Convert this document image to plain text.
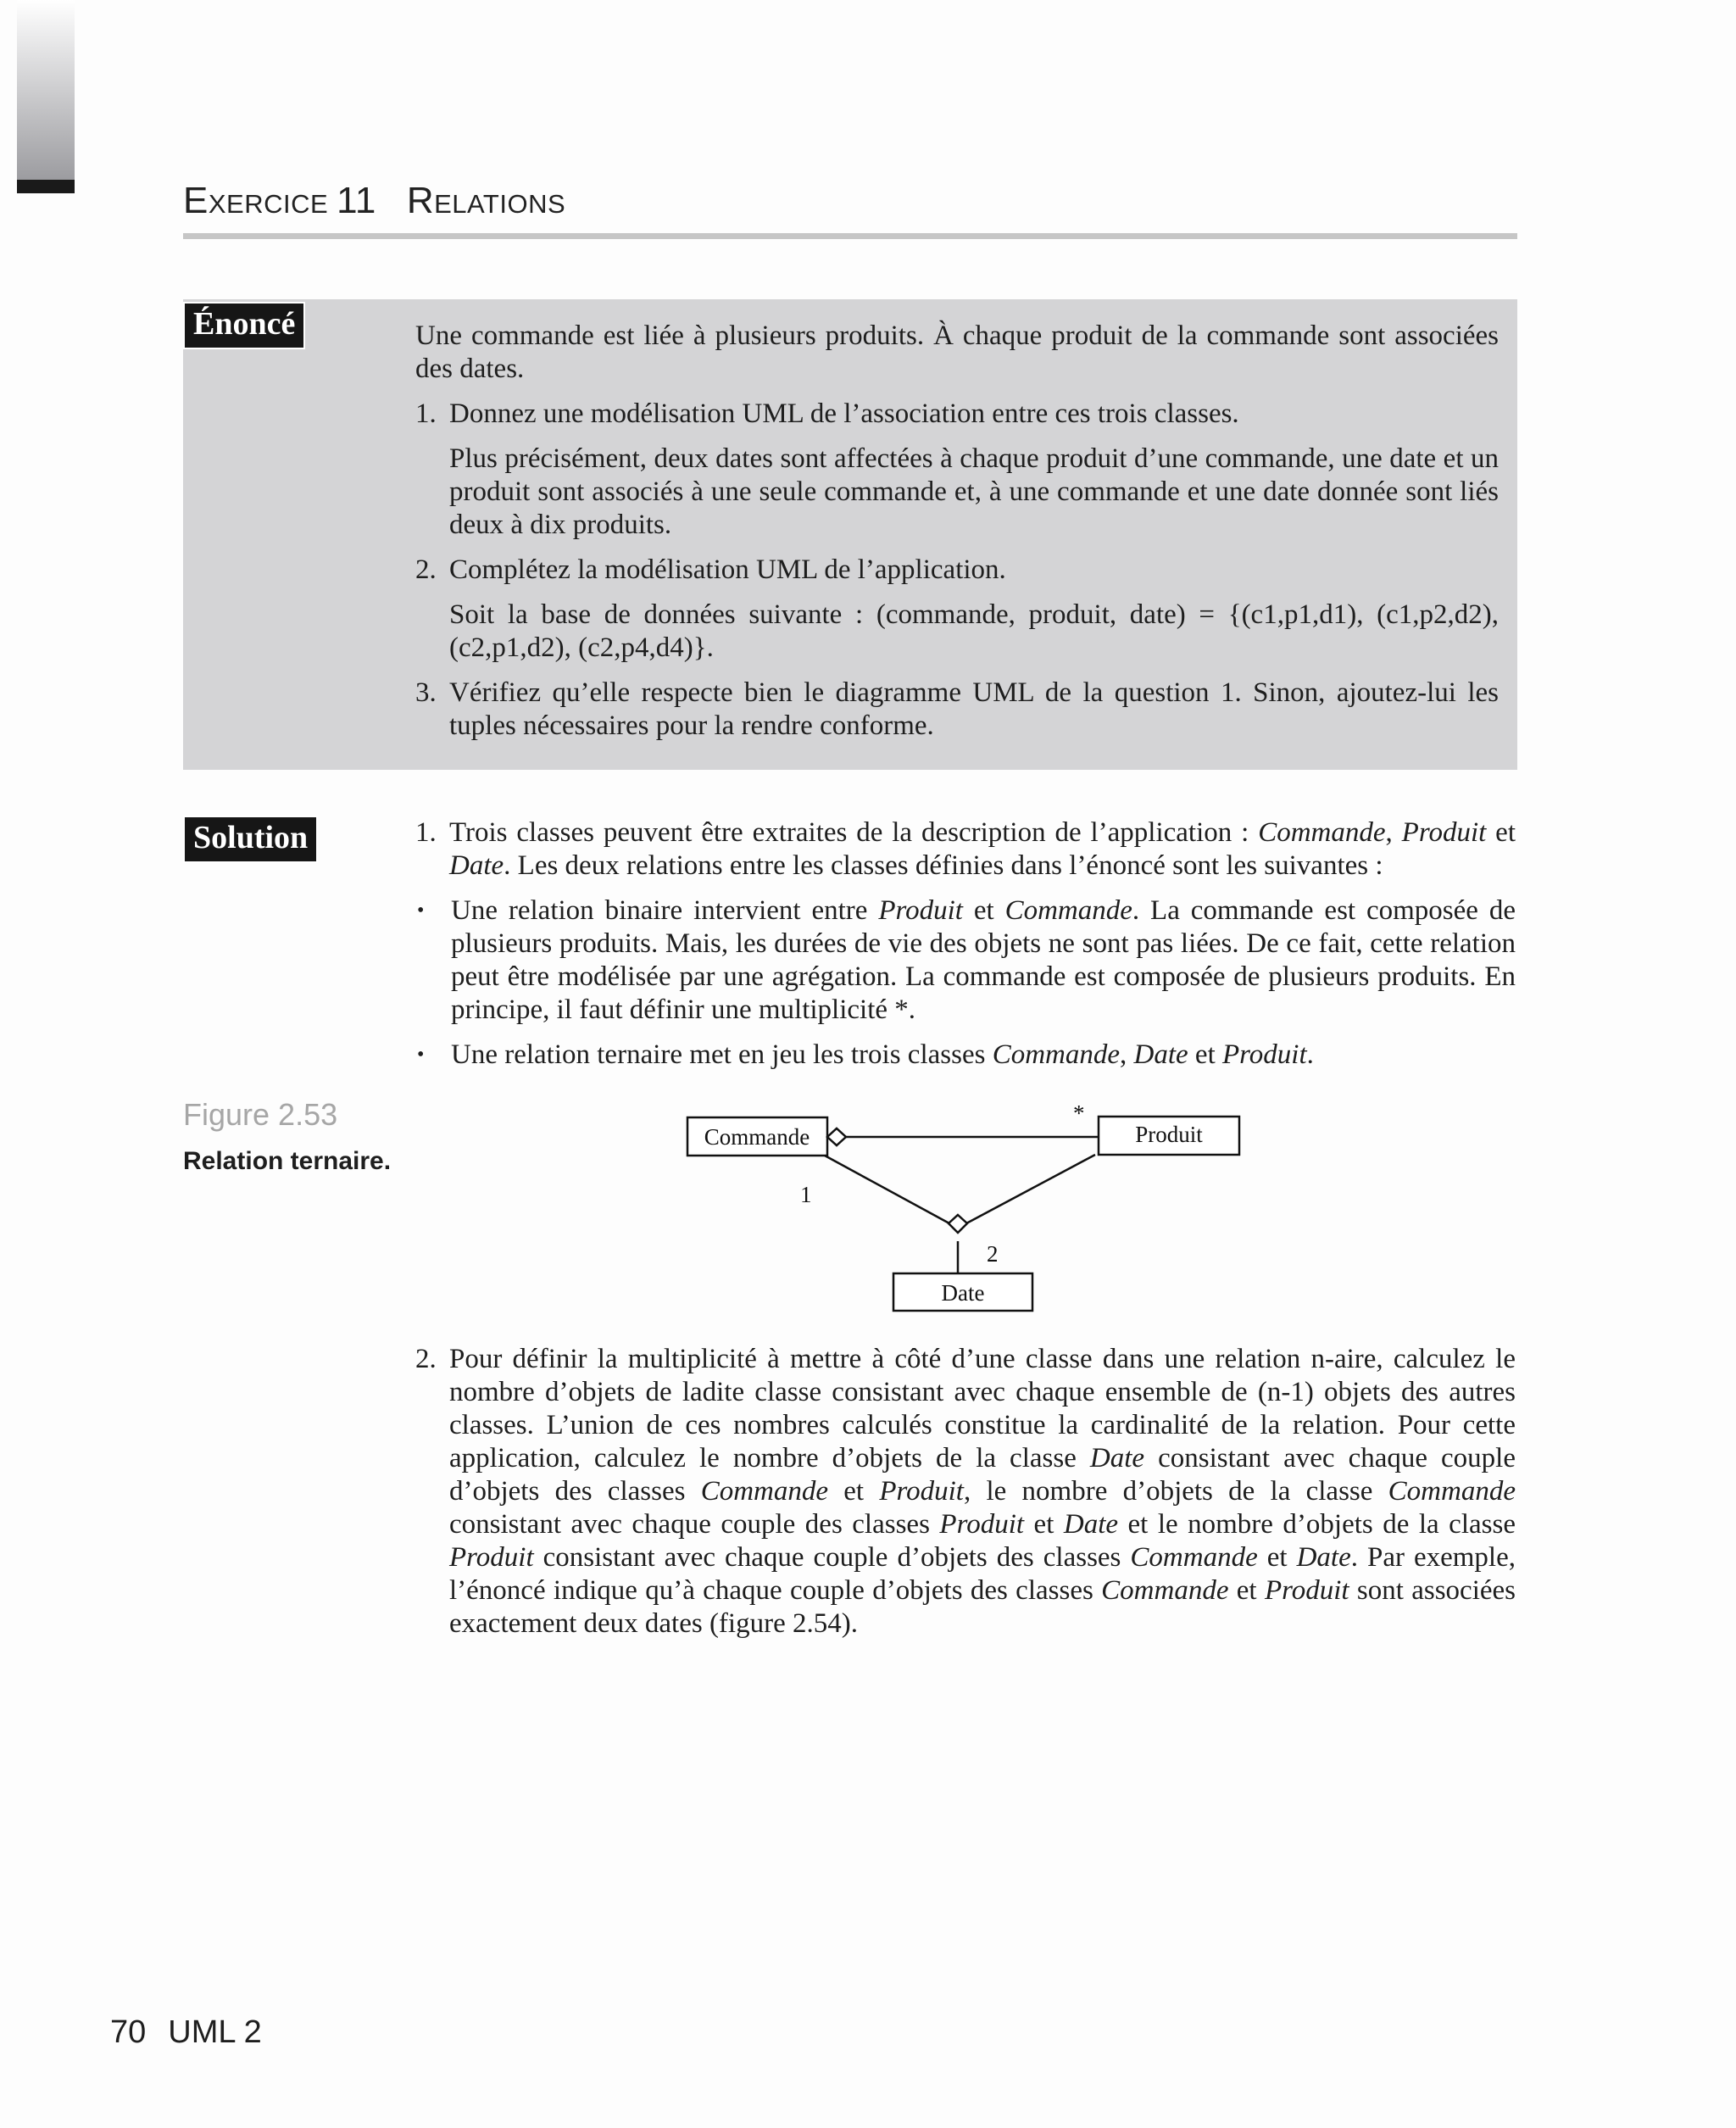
Exercice 11 Relations
Énoncé	Une commande est liée à plusieurs produits. À chaque produit de la commande sont associées des dates.

1. Donnez une modélisation UML de l’association entre ces trois classes.

Plus précisément, deux dates sont affectées à chaque produit d’une commande, une date et un produit sont associés à une seule commande et, à une commande et une date donnée sont liés deux à dix produits.

2. Complétez la modélisation UML de l’application.

Soit la base de données suivante : (commande, produit, date) = {(c1,p1,d1), (c1,p2,d2), (c2,p1,d2), (c2,p4,d4)}.

3. Vérifiez qu’elle respecte bien le diagramme UML de la question 1. Sinon, ajoutez-lui les tuples nécessaires pour la rendre conforme.
Solution	1. Trois classes peuvent être extraites de la description de l’application : Commande, Produit et Date. Les deux relations entre les classes définies dans l’énoncé sont les suivantes :
• Une relation binaire intervient entre Produit et Commande. La commande est composée de plusieurs produits. Mais, les durées de vie des objets ne sont pas liées. De ce fait, cette relation peut être modélisée par une agrégation. La commande est composée de plusieurs produits. En principe, il faut définir une multiplicité *.
• Une relation ternaire met en jeu les trois classes Commande, Date et Produit.
Figure 2.53
Relation ternaire.
Commande	Produit
Date
*
1
2
2. Pour définir la multiplicité à mettre à côté d’une classe dans une relation n-aire, calculez le nombre d’objets de ladite classe consistant avec chaque ensemble de (n-1) objets des autres classes. L’union de ces nombres calculés constitue la cardinalité de la relation. Pour cette application, calculez le nombre d’objets de la classe Date consistant avec chaque couple d’objets des classes Commande et Produit, le nombre d’objets de la classe Commande consistant avec chaque couple des classes Produit et Date et le nombre d’objets de la classe Produit consistant avec chaque couple d’objets des classes Commande et Date. Par exemple, l’énoncé indique qu’à chaque couple d’objets des classes Commande et Produit sont associées exactement deux dates (figure 2.54).
70 UML 2
